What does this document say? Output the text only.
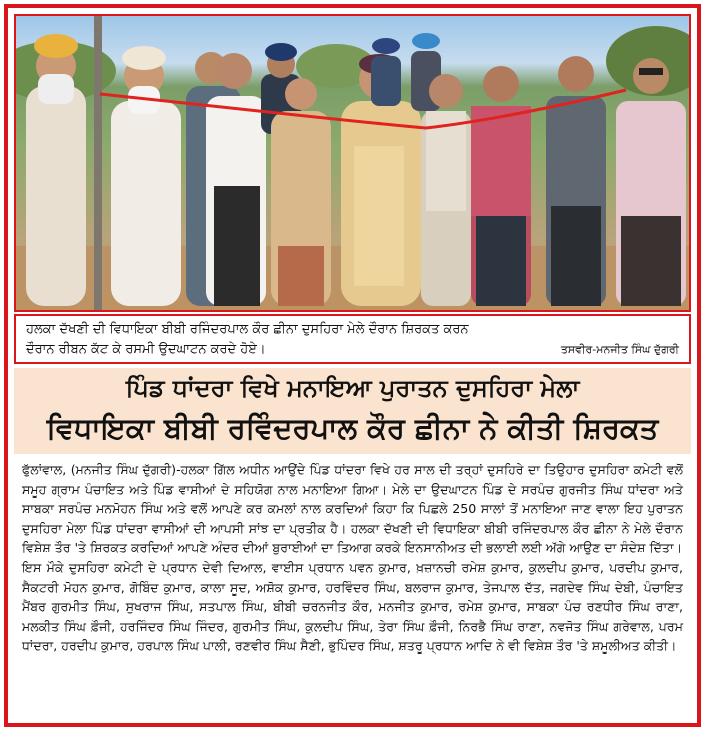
ਹਲਕਾ ਦੱਖਣੀ ਦੀ ਵਿਧਾਇਕਾ ਬੀਬੀ ਰਜਿੰਦਰਪਾਲ ਕੌਰ ਛੀਨਾ ਦੁਸਹਿਰਾ ਮੇਲੇ ਦੌਰਾਨ ਸ਼ਿਰਕਤ ਕਰਨ
ਦੌਰਾਨ ਰੀਬਨ ਕੱਟ ਕੇ ਰਸਮੀ ਉਦਘਾਟਨ ਕਰਦੇ ਹੋਏ।	ਤਸਵੀਰ-ਮਨਜੀਤ ਸਿੰਘ ਦੁੱਗਰੀ
ਪਿੰਡ ਧਾਂਦਰਾ ਵਿਖੇ ਮਨਾਇਆ ਪੁਰਾਤਨ ਦੁਸਹਿਰਾ ਮੇਲਾ
ਵਿਧਾਇਕਾ ਬੀਬੀ ਰਵਿੰਦਰਪਾਲ ਕੌਰ ਛੀਨਾ ਨੇ ਕੀਤੀ ਸ਼ਿਰਕਤ

ਫੁੱਲਾਂਵਾਲ, (ਮਨਜੀਤ ਸਿੰਘ ਦੁੱਗਰੀ)-ਹਲਕਾ ਗਿੱਲ ਅਧੀਨ ਆਉਂਦੇ ਪਿੰਡ ਧਾਂਦਰਾ ਵਿਖੇ ਹਰ ਸਾਲ ਦੀ ਤਰ੍ਹਾਂ ਦੁਸਹਿਰੇ ਦਾ ਤਿਉਹਾਰ ਦੁਸਹਿਰਾ ਕਮੇਟੀ ਵਲੋਂ ਸਮੂਹ ਗ੍ਰਾਮ ਪੰਚਾਇਤ ਅਤੇ ਪਿੰਡ ਵਾਸੀਆਂ ਦੇ ਸਹਿਯੋਗ ਨਾਲ ਮਨਾਇਆ ਗਿਆ। ਮੇਲੇ ਦਾ ਉਦਘਾਟਨ ਪਿੰਡ ਦੇ ਸਰਪੰਚ ਗੁਰਜੀਤ ਸਿੰਘ ਧਾਂਦਰਾ ਅਤੇ ਸਾਬਕਾ ਸਰਪੰਚ ਮਨਮੋਹਨ ਸਿੰਘ ਅਤੇ ਵਲੋਂ ਆਪਣੇ ਕਰ ਕਮਲਾਂ ਨਾਲ ਕਰਦਿਆਂ ਕਿਹਾ ਕਿ ਪਿਛਲੇ 250 ਸਾਲਾਂ ਤੋਂ ਮਨਾਇਆ ਜਾਣ ਵਾਲਾ ਇਹ ਪੁਰਾਤਨ ਦੁਸਹਿਰਾ ਮੇਲਾ ਪਿੰਡ ਧਾਂਦਰਾ ਵਾਸੀਆਂ ਦੀ ਆਪਸੀ ਸਾਂਝ ਦਾ ਪ੍ਰਤੀਕ ਹੈ। ਹਲਕਾ ਦੱਖਣੀ ਦੀ ਵਿਧਾਇਕਾ ਬੀਬੀ ਰਜਿੰਦਰਪਾਲ ਕੌਰ ਛੀਨਾ ਨੇ ਮੇਲੇ ਦੌਰਾਨ ਵਿਸ਼ੇਸ਼ ਤੌਰ 'ਤੇ ਸ਼ਿਰਕਤ ਕਰਦਿਆਂ ਆਪਣੇ ਅੰਦਰ ਦੀਆਂ ਬੁਰਾਈਆਂ ਦਾ ਤਿਆਗ ਕਰਕੇ ਇਨਸਾਨੀਅਤ ਦੀ ਭਲਾਈ ਲਈ ਅੱਗੇ ਆਉਣ ਦਾ ਸੰਦੇਸ਼ ਦਿੱਤਾ।

ਇਸ ਮੌਕੇ ਦੁਸਹਿਰਾ ਕਮੇਟੀ ਦੇ ਪ੍ਰਧਾਨ ਦੇਵੀ ਦਿਆਲ, ਵਾਈਸ ਪ੍ਰਧਾਨ ਪਵਨ ਕੁਮਾਰ, ਖ਼ਜ਼ਾਨਚੀ ਰਮੇਸ਼ ਕੁਮਾਰ, ਕੁਲਦੀਪ ਕੁਮਾਰ, ਪਰਦੀਪ ਕੁਮਾਰ, ਸੈਕਟਰੀ ਮੋਹਨ ਕੁਮਾਰ, ਗੋਬਿੰਦ ਕੁਮਾਰ, ਕਾਲਾ ਸੂਦ, ਅਸ਼ੋਕ ਕੁਮਾਰ, ਹਰਵਿੰਦਰ ਸਿੰਘ, ਬਲਰਾਜ ਕੁਮਾਰ, ਤੇਜਪਾਲ ਦੱਤ, ਜਗਦੇਵ ਸਿੰਘ ਦੇਬੀ, ਪੰਚਾਇਤ ਮੈਂਬਰ ਗੁਰਮੀਤ ਸਿੰਘ, ਸੁਖਰਾਜ ਸਿੰਘ, ਸਤਪਾਲ ਸਿੰਘ, ਬੀਬੀ ਚਰਨਜੀਤ ਕੌਰ, ਮਨਜੀਤ ਕੁਮਾਰ, ਰਮੇਸ਼ ਕੁਮਾਰ, ਸਾਬਕਾ ਪੰਚ ਰਣਧੀਰ ਸਿੰਘ ਰਾਣਾ, ਮਲਕੀਤ ਸਿੰਘ ਫ਼ੌਜੀ, ਹਰਜਿੰਦਰ ਸਿੰਘ ਜਿੰਦਰ, ਗੁਰਮੀਤ ਸਿੰਘ, ਕੁਲਦੀਪ ਸਿੰਘ, ਤੇਰਾ ਸਿੰਘ ਫ਼ੌਜੀ, ਨਿਰਭੈ ਸਿੰਘ ਰਾਣਾ, ਨਵਜੋਤ ਸਿੰਘ ਗਰੇਵਾਲ, ਪਰਮ ਧਾਂਦਰਾ, ਹਰਦੀਪ ਕੁਮਾਰ, ਹਰਪਾਲ ਸਿੰਘ ਪਾਲੀ, ਰਣਵੀਰ ਸਿੰਘ ਸੈਣੀ, ਭੁਪਿੰਦਰ ਸਿੰਘ, ਸ਼ਤਰੂ ਪ੍ਰਧਾਨ ਆਦਿ ਨੇ ਵੀ ਵਿਸ਼ੇਸ਼ ਤੌਰ 'ਤੇ ਸ਼ਮੂਲੀਅਤ ਕੀਤੀ।
